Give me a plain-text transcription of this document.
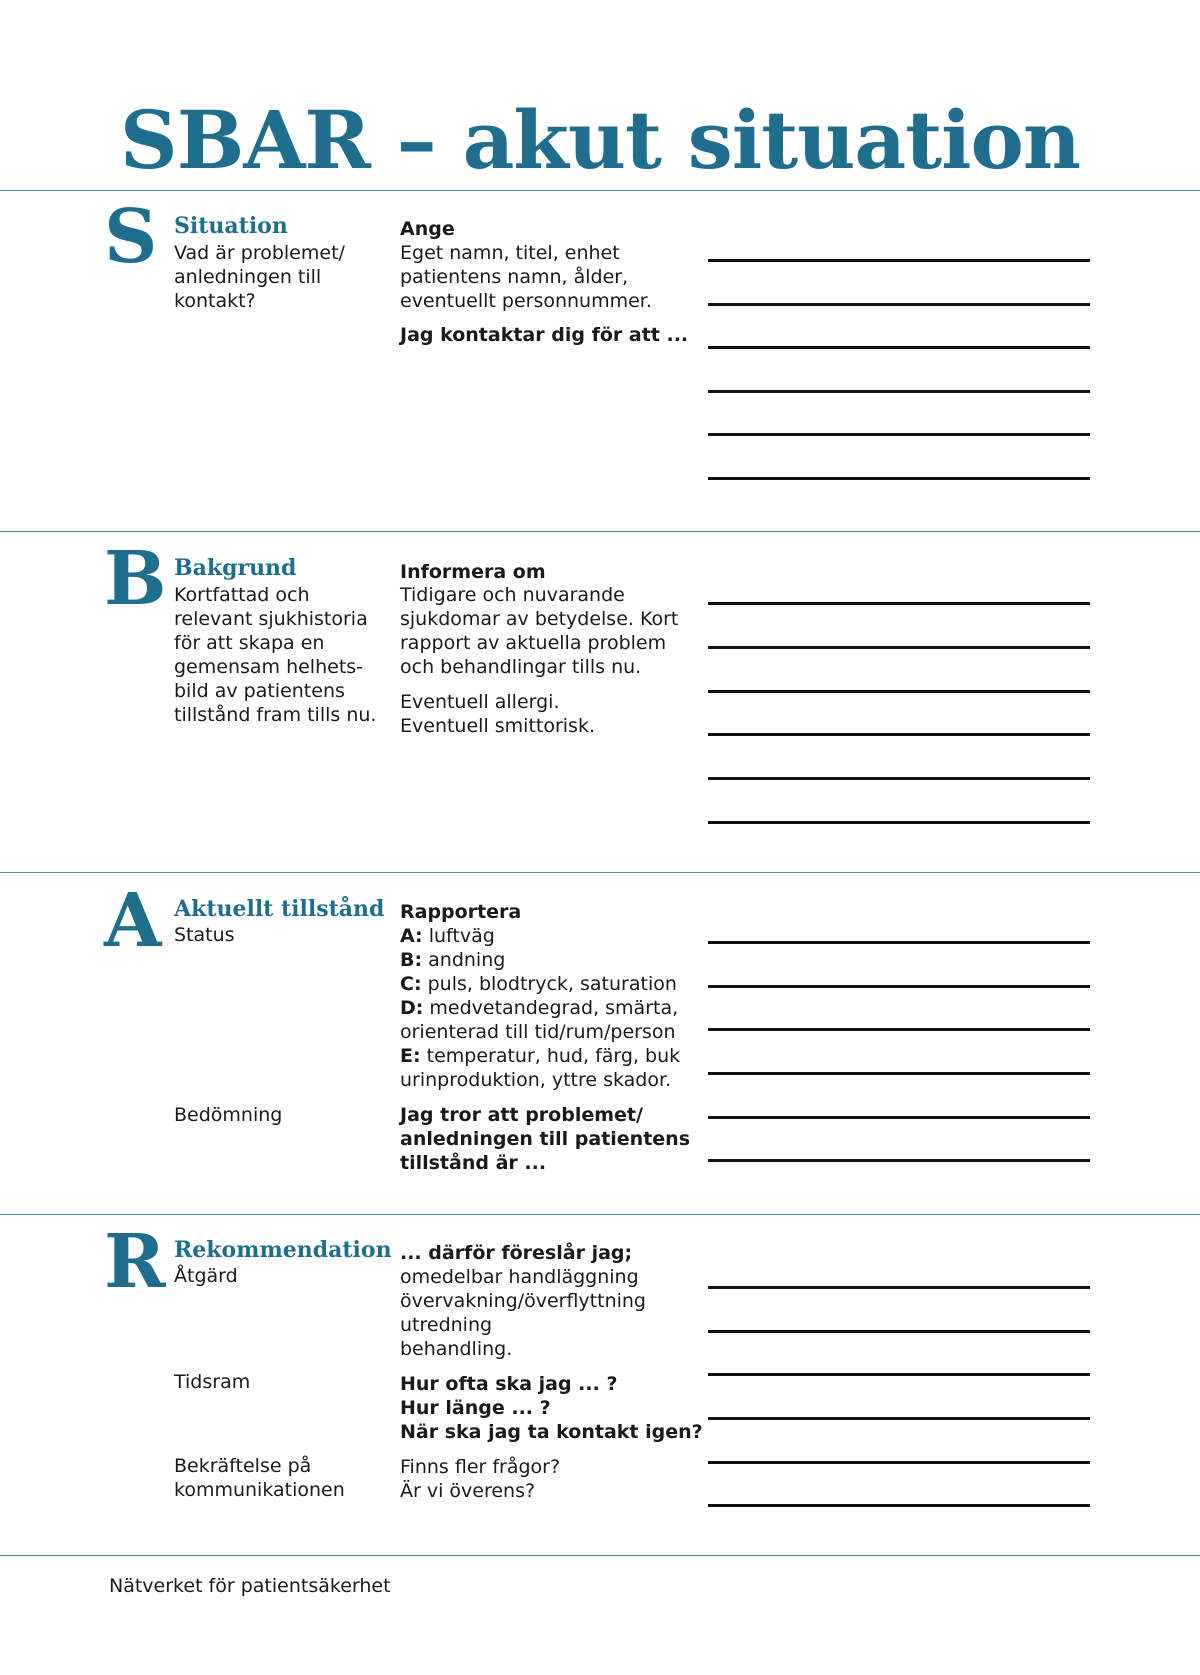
SBAR – akut situation
S Situation
Vad är problemet/
anledningen till
kontakt?
Ange
Eget namn, titel, enhet
patientens namn, ålder,
eventuellt personnummer.
Jag kontaktar dig för att ...
B Bakgrund
Kortfattad och
relevant sjukhistoria
för att skapa en
gemensam helhets-
bild av patientens
tillstånd fram tills nu.
Informera om
Tidigare och nuvarande
sjukdomar av betydelse. Kort
rapport av aktuella problem
och behandlingar tills nu.
Eventuell allergi.
Eventuell smittorisk.
A Aktuellt tillstånd
Status
Rapportera
A: luftväg
B: andning
C: puls, blodtryck, saturation
D: medvetandegrad, smärta,
orienterad till tid/rum/person
E: temperatur, hud, färg, buk
urinproduktion, yttre skador.
Bedömning	Jag tror att problemet/
anledningen till patientens
tillstånd är ...
R Rekommendation
Åtgärd
... därför föreslår jag;
omedelbar handläggning
övervakning/överflyttning
utredning
behandling.
Tidsram	Hur ofta ska jag ... ?
Hur länge ... ?
När ska jag ta kontakt igen?
Bekräftelse på
kommunikationen
Finns fler frågor?
Är vi överens?
Nätverket för patientsäkerhet
